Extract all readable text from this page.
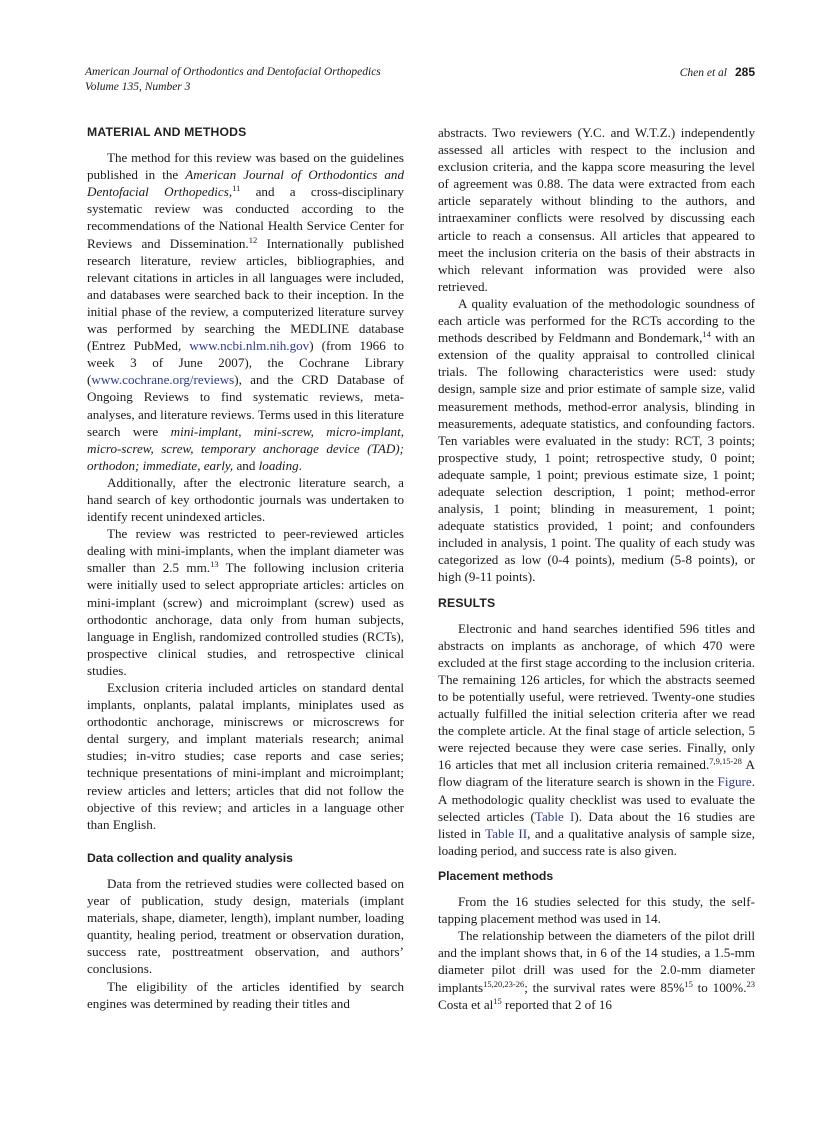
American Journal of Orthodontics and Dentofacial Orthopedics
Volume 135, Number 3
Chen et al 285
MATERIAL AND METHODS

The method for this review was based on the guidelines published in the American Journal of Orthodontics and Dentofacial Orthopedics,$^{11}$ and a cross-disciplinary systematic review was conducted according to the recommendations of the National Health Service Center for Reviews and Dissemination.$^{12}$ Internationally published research literature, review articles, bibliographies, and relevant citations in articles in all languages were included, and databases were searched back to their inception. In the initial phase of the review, a computerized literature survey was performed by searching the MEDLINE database (Entrez PubMed, www.ncbi.nlm.nih.gov) (from 1966 to week 3 of June 2007), the Cochrane Library (www.cochrane.org/reviews), and the CRD Database of Ongoing Reviews to find systematic reviews, meta-analyses, and literature reviews. Terms used in this literature search were mini-implant, mini-screw, micro-implant, micro-screw, screw, temporary anchorage device (TAD); orthodon; immediate, early, and loading.

Additionally, after the electronic literature search, a hand search of key orthodontic journals was undertaken to identify recent unindexed articles.

The review was restricted to peer-reviewed articles dealing with mini-implants, when the implant diameter was smaller than 2.5 mm.$^{13}$ The following inclusion criteria were initially used to select appropriate articles: articles on mini-implant (screw) and microimplant (screw) used as orthodontic anchorage, data only from human subjects, language in English, randomized controlled studies (RCTs), prospective clinical studies, and retrospective clinical studies.

Exclusion criteria included articles on standard dental implants, onplants, palatal implants, miniplates used as orthodontic anchorage, miniscrews or microscrews for dental surgery, and implant materials research; animal studies; in-vitro studies; case reports and case series; technique presentations of mini-implant and microimplant; review articles and letters; articles that did not follow the objective of this review; and articles in a language other than English.

Data collection and quality analysis

Data from the retrieved studies were collected based on year of publication, study design, materials (implant materials, shape, diameter, length), implant number, loading quantity, healing period, treatment or observation duration, success rate, posttreatment observation, and authors’ conclusions.

The eligibility of the articles identified by search engines was determined by reading their titles and

abstracts. Two reviewers (Y.C. and W.T.Z.) independently assessed all articles with respect to the inclusion and exclusion criteria, and the kappa score measuring the level of agreement was 0.88. The data were extracted from each article separately without blinding to the authors, and intraexaminer conflicts were resolved by discussing each article to reach a consensus. All articles that appeared to meet the inclusion criteria on the basis of their abstracts in which relevant information was provided were also retrieved.

A quality evaluation of the methodologic soundness of each article was performed for the RCTs according to the methods described by Feldmann and Bondemark,$^{14}$ with an extension of the quality appraisal to controlled clinical trials. The following characteristics were used: study design, sample size and prior estimate of sample size, valid measurement methods, method-error analysis, blinding in measurements, adequate statistics, and confounding factors. Ten variables were evaluated in the study: RCT, 3 points; prospective study, 1 point; retrospective study, 0 point; adequate sample, 1 point; previous estimate size, 1 point; adequate selection description, 1 point; method-error analysis, 1 point; blinding in measurement, 1 point; adequate statistics provided, 1 point; and confounders included in analysis, 1 point. The quality of each study was categorized as low (0-4 points), medium (5-8 points), or high (9-11 points).

RESULTS

Electronic and hand searches identified 596 titles and abstracts on implants as anchorage, of which 470 were excluded at the first stage according to the inclusion criteria. The remaining 126 articles, for which the abstracts seemed to be potentially useful, were retrieved. Twenty-one studies actually fulfilled the initial selection criteria after we read the complete article. At the final stage of article selection, 5 were rejected because they were case series. Finally, only 16 articles that met all inclusion criteria remained.$^{7,9,15-28}$ A flow diagram of the literature search is shown in the Figure. A methodologic quality checklist was used to evaluate the selected articles (Table I). Data about the 16 studies are listed in Table II, and a qualitative analysis of sample size, loading period, and success rate is also given.

Placement methods

From the 16 studies selected for this study, the self-tapping placement method was used in 14.

The relationship between the diameters of the pilot drill and the implant shows that, in 6 of the 14 studies, a 1.5-mm diameter pilot drill was used for the 2.0-mm diameter implants$^{15,20,23-26}$; the survival rates were 85%$^{15}$ to 100%.$^{23}$ Costa et $al^{15}$ reported that 2 of 16
